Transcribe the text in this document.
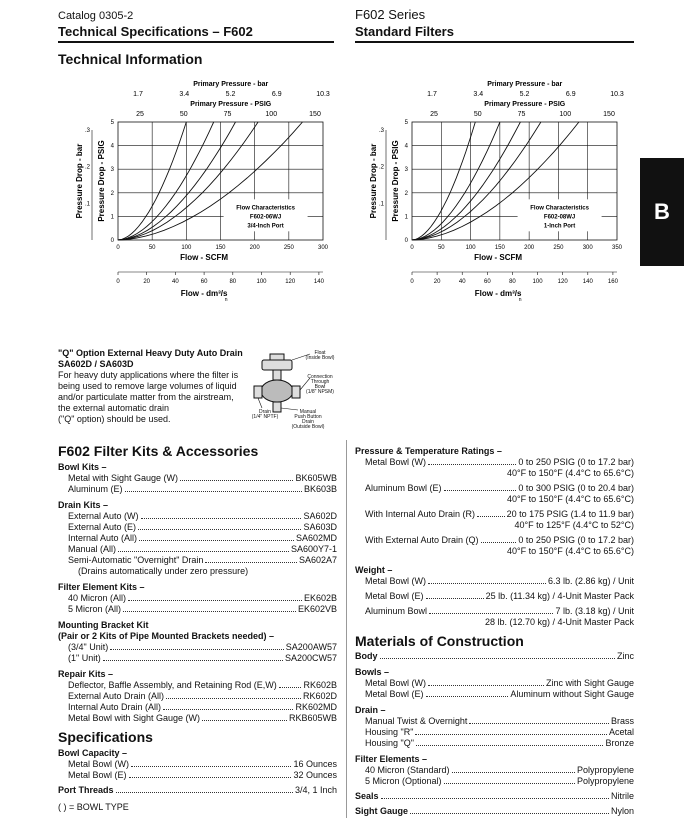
Catalog 0305-2
Technical Specifications – F602
F602 Series
Standard Filters
B
Technical Information
Primary Pressure - bar
1.7	3.4	5.2	6.9	10.3
Primary Pressure - PSIG
25	50	75	100	150
0	50	100	150	200	250	300
Flow - SCFM
0
1
2
3
4
5
Pressure Drop - PSIG
.1
.2
.3
Pressure Drop - bar	Flow Characteristics
F602-06WJ
3/4-Inch Port
0	20	40	60	80	100	120	140
Flow - dm³/s
n
Primary Pressure - bar
1.7	3.4	5.2	6.9	10.3
Primary Pressure - PSIG
25	50	75	100	150
0	50	100	150	200	250	300	350
Flow - SCFM
0
1
2
3
4
5
Pressure Drop - PSIG
.1
.2
.3
Pressure Drop - bar	Flow Characteristics
F602-08WJ
1-Inch Port
0	20	40	60	80	100	120	140	160
Flow - dm³/s
n
"Q" Option External Heavy Duty Auto Drain
SA602D / SA603D
For heavy duty applications where the filter is
being used to remove large volumes of liquid
and/or particulate matter from the airstream,
the external automatic drain
("Q" option) should be used.
Float
(Inside Bowl)
Connection
Through
Bowl
(1/8" NPSM)
Drain
(1/4" NPTF)
Manual
Push Button
Drain
(Outside Bowl)
F602 Filter Kits & Accessories
Bowl Kits –
Metal with Sight Gauge (W)	BK605WB
Aluminum (E)	BK603B
Drain Kits –
External Auto (W)	SA602D
External Auto (E)	SA603D
Internal Auto (All)	SA602MD
Manual (All)	SA600Y7-1
Semi-Automatic "Overnight" Drain	SA602A7
(Drains automatically under zero pressure)
Filter Element Kits –
40 Micron (All)	EK602B
5 Micron (All)	EK602VB
Mounting Bracket Kit
(Pair or 2 Kits of Pipe Mounted Brackets needed) –
(3/4" Unit)	SA200AW57
(1" Unit)	SA200CW57
Repair Kits –
Deflector, Baffle Assembly, and Retaining Rod (E,W)	RK602B
External Auto Drain (All)	RK602D
Internal Auto Drain (All)	RK602MD
Metal Bowl with Sight Gauge (W)	RKB605WB
Specifications
Bowl Capacity –
Metal Bowl (W)	16 Ounces
Metal Bowl (E)	32 Ounces
Port Threads	3/4, 1 Inch
( ) = BOWL TYPE
Pressure & Temperature Ratings –
Metal Bowl (W)	0 to 250 PSIG (0 to 17.2 bar)
40°F to 150°F (4.4°C to 65.6°C)
Aluminum Bowl (E)	0 to 300 PSIG (0 to 20.4 bar)
40°F to 150°F (4.4°C to 65.6°C)
With Internal Auto Drain (R)	20 to 175 PSIG (1.4 to 11.9 bar)
40°F to 125°F (4.4°C to 52°C)
With External Auto Drain (Q)	0 to 250 PSIG (0 to 17.2 bar)
40°F to 150°F (4.4°C to 65.6°C)
Weight –
Metal Bowl (W)	6.3 lb. (2.86 kg) / Unit
Metal Bowl (E)	25 lb. (11.34 kg) / 4-Unit Master Pack
Aluminum Bowl	7 lb. (3.18 kg) / Unit
28 lb. (12.70 kg) / 4-Unit Master Pack
Materials of Construction
Body	Zinc
Bowls –
Metal Bowl (W)	Zinc with Sight Gauge
Metal Bowl (E)	Aluminum without Sight Gauge
Drain –
Manual Twist & Overnight	Brass
Housing "R"	Acetal
Housing "Q"	Bronze
Filter Elements –
40 Micron (Standard)	Polypropylene
5 Micron (Optional)	Polypropylene
Seals	Nitrile
Sight Gauge	Nylon
